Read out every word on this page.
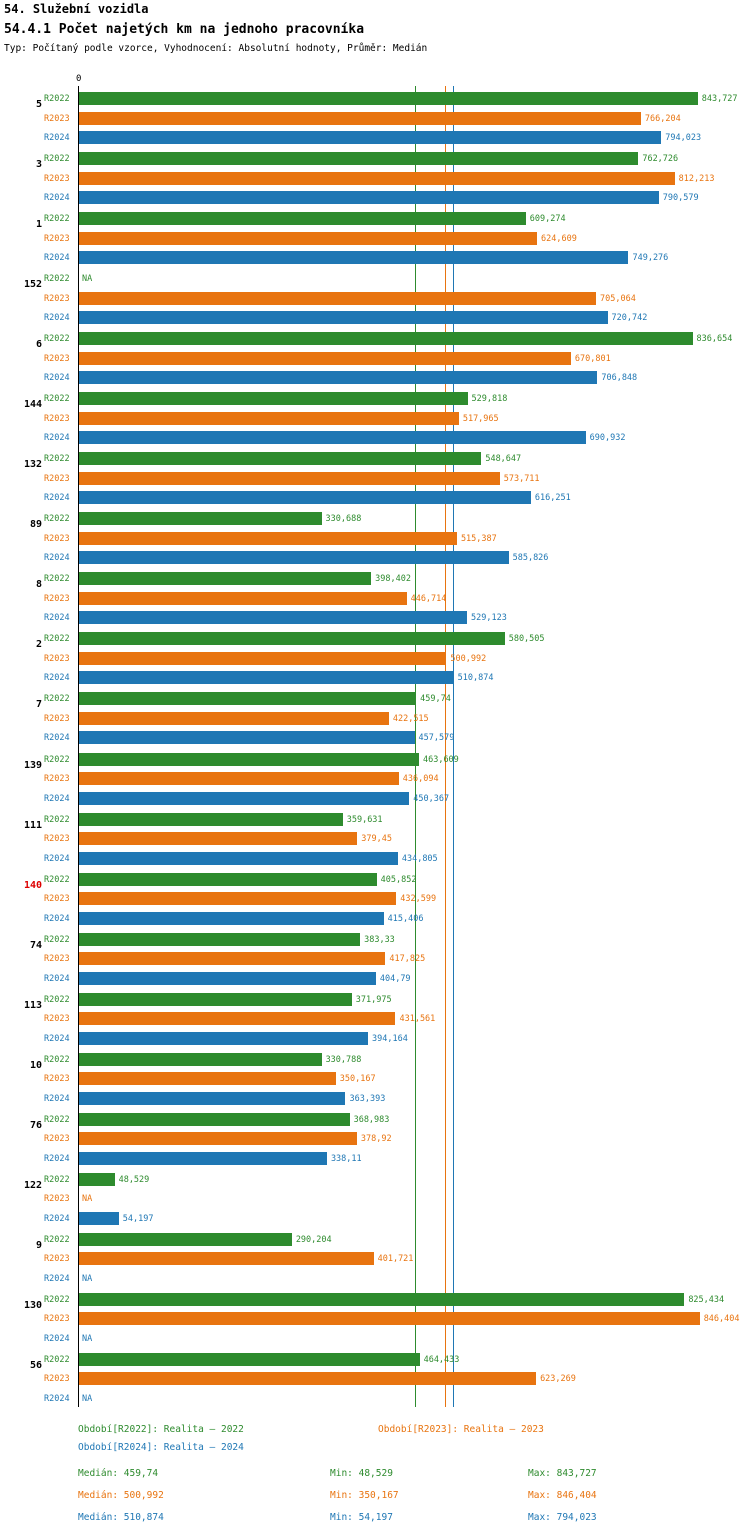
54. Služební vozidla
54.4.1 Počet najetých km na jednoho pracovníka
Typ: Počítaný podle vzorce, Vyhodnocení: Absolutní hodnoty, Průměr: Medián
0
843,727
766,204
794,023
762,726
812,213
790,579
609,274
624,609
749,276
NA
705,064
720,742
836,654
670,801
706,848
529,818
517,965
690,932
548,647
573,711
616,251
330,688
515,387
585,826
398,402
446,714
529,123
580,505
500,992
510,874
459,74
422,515
457,579
463,609
436,094
450,367
359,631
379,45
434,805
405,852
432,599
415,406
383,33
417,825
404,79
371,975
431,561
394,164
330,788
350,167
363,393
368,983
378,92
338,11
48,529
NA
54,197
290,204
401,721
NA
825,434
846,404
NA
464,433
623,269
NA
Období[R2022]: Realita — 2022	Období[R2023]: Realita — 2023
Období[R2024]: Realita — 2024
Medián: 459,74	Min: 48,529	Max: 843,727
Medián: 500,992	Min: 350,167	Max: 846,404
Medián: 510,874	Min: 54,197	Max: 794,023
5 R2022
R2023
R2024
3 R2022
R2023
R2024
1 R2022
R2023
R2024
152 R2022
R2023
R2024
6 R2022
R2023
R2024
144 R2022
R2023
R2024
132 R2022
R2023
R2024
89 R2022
R2023
R2024
8 R2022
R2023
R2024
2 R2022
R2023
R2024
7 R2022
R2023
R2024
139 R2022
R2023
R2024
111 R2022
R2023
R2024
140 R2022
R2023
R2024
74 R2022
R2023
R2024
113 R2022
R2023
R2024
10 R2022
R2023
R2024
76 R2022
R2023
R2024
122 R2022
R2023
R2024
9 R2022
R2023
R2024
130 R2022
R2023
R2024
56 R2022
R2023
R2024
